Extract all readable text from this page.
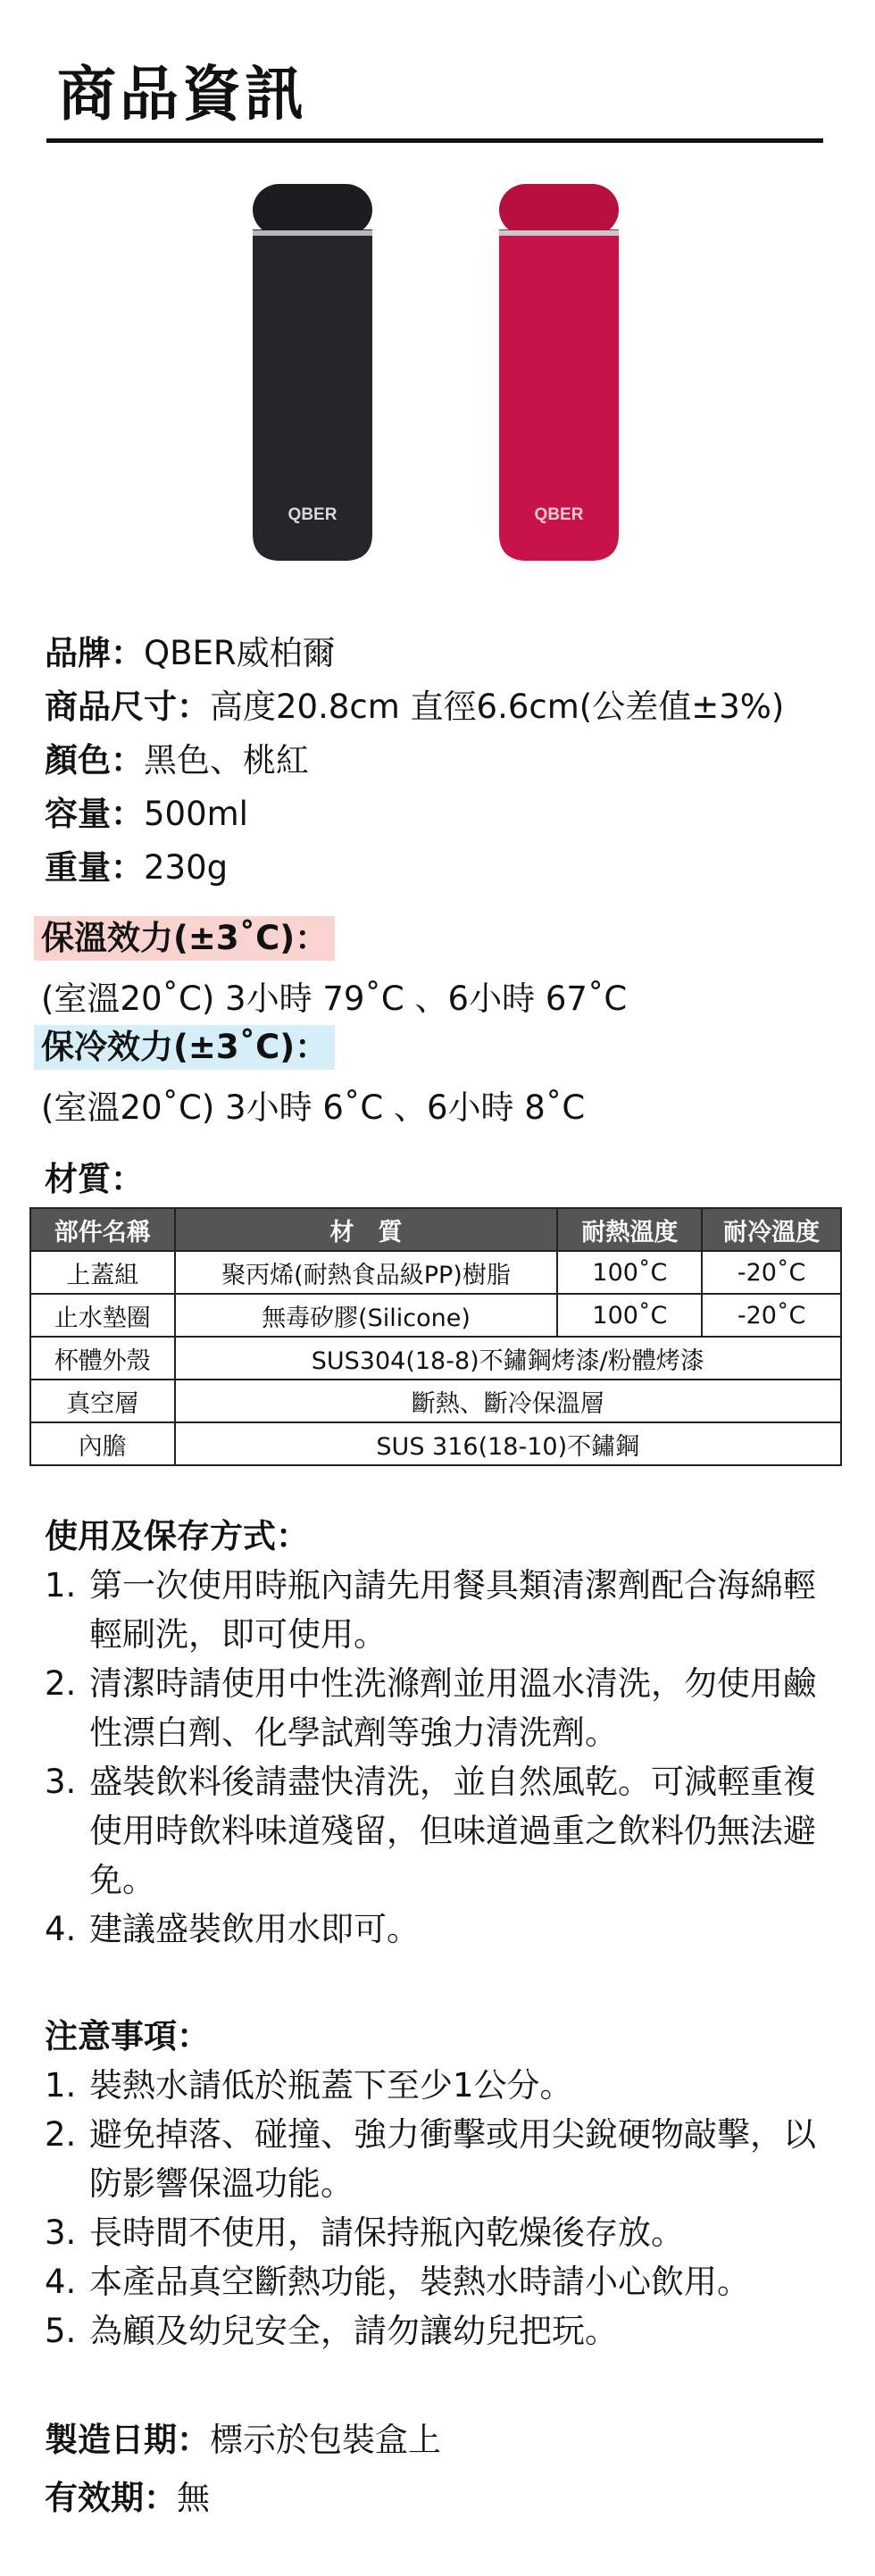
商品資訊
QBER	QBER
品牌：QBER威柏爾
商品尺寸：高度20.8cm 直徑6.6cm(公差值±3%)
顏色：黑色、桃紅
容量：500ml
重量：230g
保溫效力(±3˚C)：
(室溫20˚C) 3小時 79˚C 、6小時 67˚C
保冷效力(±3˚C)：
(室溫20˚C) 3小時 6˚C 、6小時 8˚C
材質：
部件名稱	材　質	耐熱溫度	耐冷溫度
上蓋組	聚丙烯(耐熱食品級PP)樹脂	100˚C	-20˚C
止水墊圈	無毒矽膠(Silicone)	100˚C	-20˚C
杯體外殼	SUS304(18-8)不鏽鋼烤漆/粉體烤漆		
真空層	斷熱、斷冷保溫層		
內膽	SUS 316(18-10)不鏽鋼		
使用及保存方式：
1. 第一次使用時瓶內請先用餐具類清潔劑配合海綿輕輕刷洗，即可使用。
2. 清潔時請使用中性洗滌劑並用溫水清洗，勿使用鹼性漂白劑、化學試劑等強力清洗劑。
3. 盛裝飲料後請盡快清洗，並自然風乾。可減輕重複使用時飲料味道殘留，但味道過重之飲料仍無法避免。
4. 建議盛裝飲用水即可。
注意事項：
1. 裝熱水請低於瓶蓋下至少1公分。
2. 避免掉落、碰撞、強力衝擊或用尖銳硬物敲擊，以防影響保溫功能。
3. 長時間不使用，請保持瓶內乾燥後存放。
4. 本產品真空斷熱功能，裝熱水時請小心飲用。
5. 為顧及幼兒安全，請勿讓幼兒把玩。
製造日期：標示於包裝盒上
有效期：無
